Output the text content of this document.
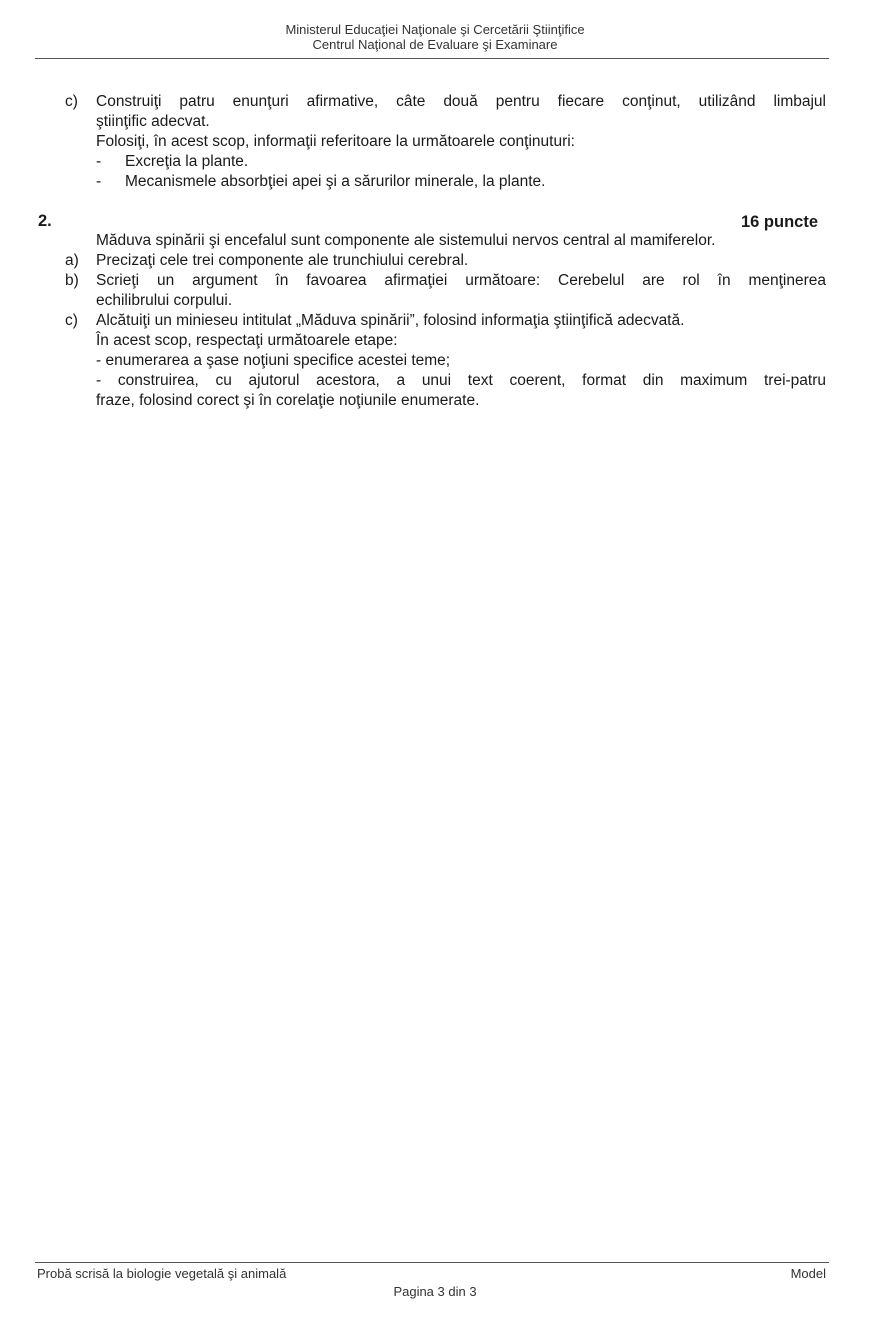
Ministerul Educaţiei Naţionale şi Cercetării Ştiinţifice
Centrul Naţional de Evaluare şi Examinare
c) Construiţi patru enunţuri afirmative, câte două pentru fiecare conţinut, utilizând limbajul
ştiinţific adecvat.
Folosiţi, în acest scop, informaţii referitoare la următoarele conţinuturi:
- Excreţia la plante.
- Mecanismele absorbţiei apei şi a sărurilor minerale, la plante.
2.	16 puncte
Măduva spinării şi encefalul sunt componente ale sistemului nervos central al mamiferelor.
a) Precizaţi cele trei componente ale trunchiului cerebral.
b) Scrieţi un argument în favoarea afirmaţiei următoare: Cerebelul are rol în menţinerea
echilibrului corpului.
c) Alcătuiţi un minieseu intitulat „Măduva spinării”, folosind informaţia ştiinţifică adecvată.
În acest scop, respectaţi următoarele etape:
- enumerarea a şase noţiuni specifice acestei teme;
- construirea, cu ajutorul acestora, a unui text coerent, format din maximum trei-patru
fraze, folosind corect şi în corelaţie noţiunile enumerate.
Probă scrisă la biologie vegetală şi animală	Model
Pagina 3 din 3
